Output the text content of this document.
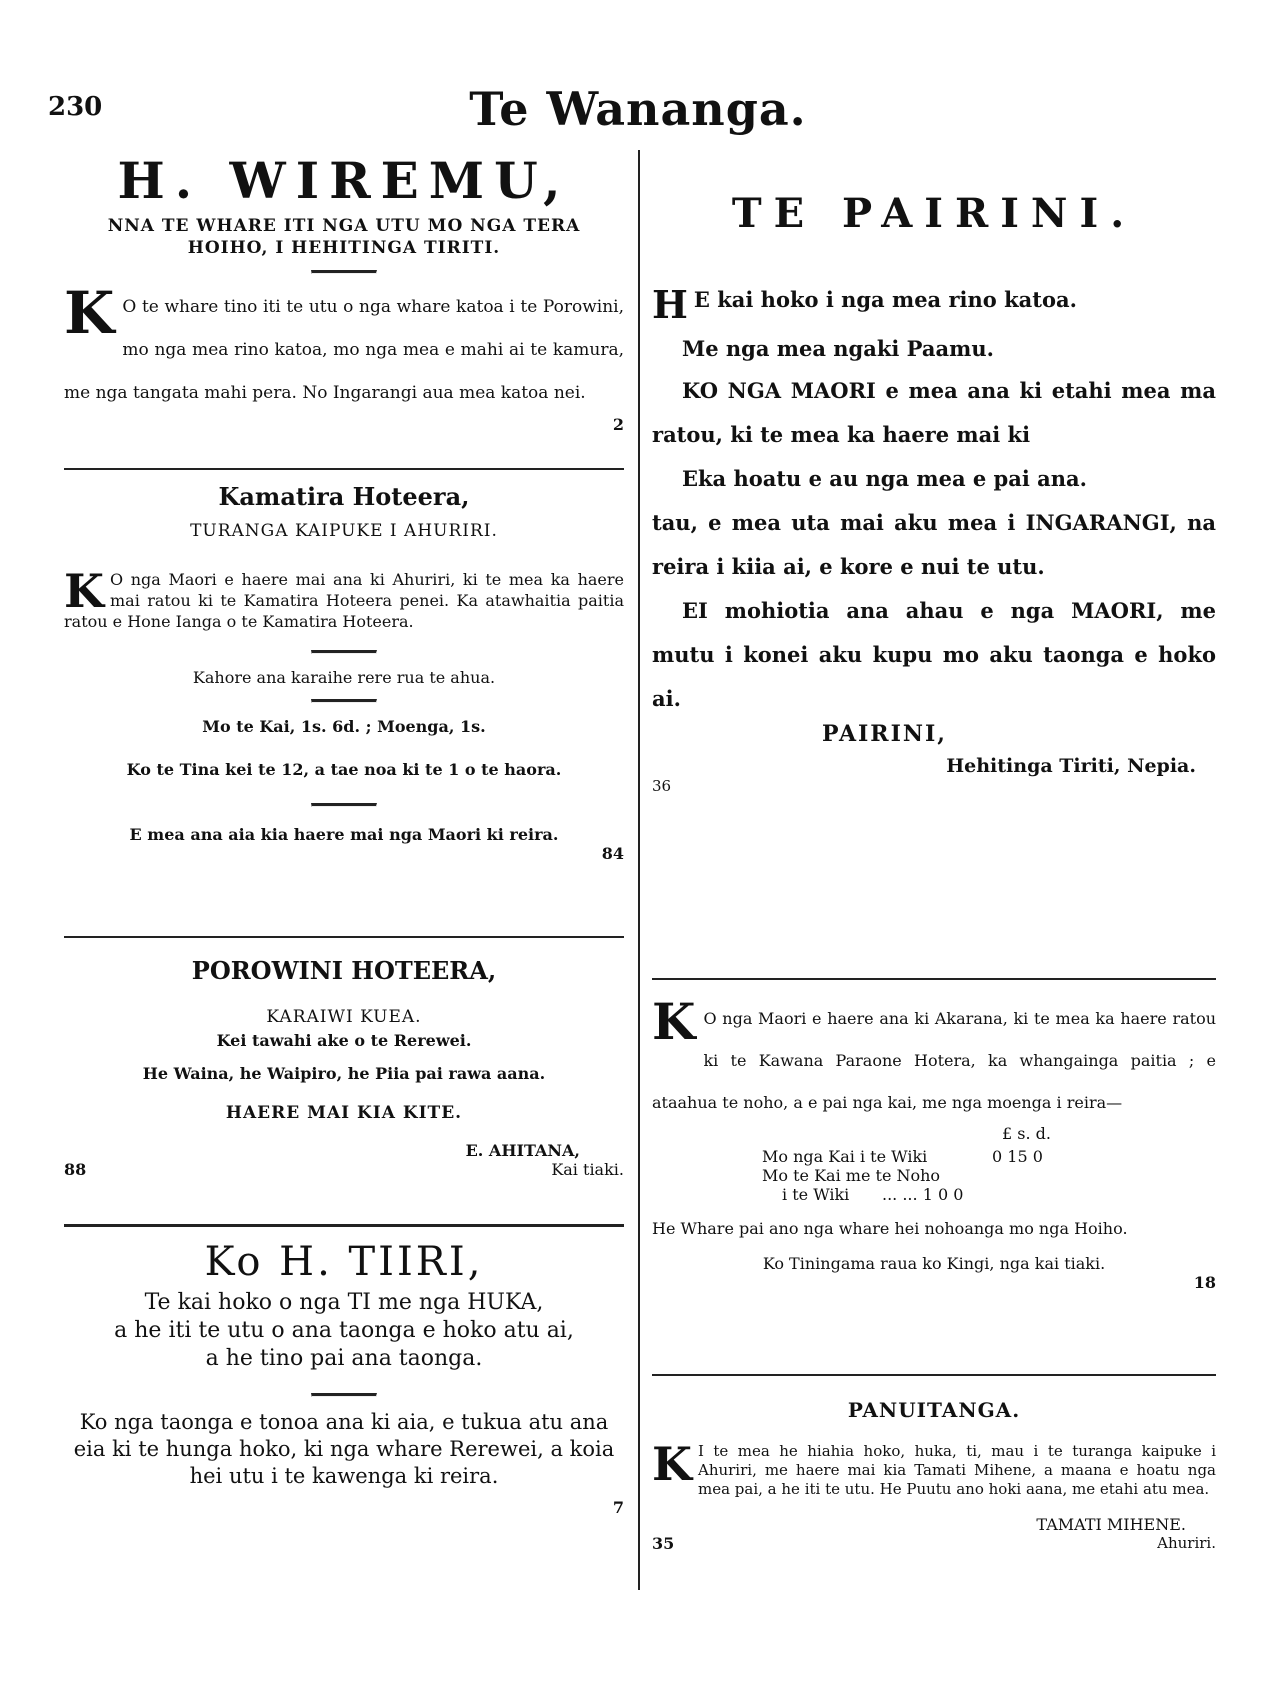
230	Te Wananga.

H. WIREMU,

NNA TE WHARE ITI NGA UTU MO NGA TERA

HOIHO, I HEHITINGA TIRITI.

K O te whare tino iti te utu o nga whare katoa i te Porowini, mo nga mea rino katoa, mo nga mea e mahi ai te kamura, me nga tangata mahi pera. No Ingarangi aua mea katoa nei.

2

Kamatira Hoteera,

TURANGA KAIPUKE I AHURIRI.

K O nga Maori e haere mai ana ki Ahuriri, ki te mea ka haere mai ratou ki te Kamatira Hoteera penei. Ka atawhaitia paitia ratou e Hone Ianga o te Kamatira Hoteera.

Kahore ana karaihe rere rua te ahua.

Mo te Kai, 1s. 6d. ; Moenga, 1s.

Ko te Tina kei te 12, a tae noa ki te 1 o te haora.

E mea ana aia kia haere mai nga Maori ki reira.

84

POROWINI HOTEERA,

KARAIWI KUEA.

Kei tawahi ake o te Rerewei.

He Waina, he Waipiro, he Piia pai rawa aana.

HAERE MAI KIA KITE.

E. AHITANA,

88	Kai tiaki.

Ko H. TIIRI,

Te kai hoko o nga TI me nga HUKA,

a he iti te utu o ana taonga e hoko atu ai,

a he tino pai ana taonga.

Ko nga taonga e tonoa ana ki aia, e tukua atu ana eia ki te hunga hoko, ki nga whare Rerewei, a koia hei utu i te kawenga ki reira.

7

TE PAIRINI.

H E kai hoko i nga mea rino katoa.

Me nga mea ngaki Paamu.

KO NGA MAORI e mea ana ki etahi mea ma ratou, ki te mea ka haere mai ki

Eka hoatu e au nga mea e pai ana.

tau, e mea uta mai aku mea i INGARANGI, na reira i kiia ai, e kore e nui te utu.

EI mohiotia ana ahau e nga MAORI, me mutu i konei aku kupu mo aku taonga e hoko ai.

PAIRINI,

Hehitinga Tiriti, Nepia.

36

K O nga Maori e haere ana ki Akarana, ki te mea ka haere ratou ki te Kawana Paraone Hotera, ka whangainga paitia ; e ataahua te noho, a e pai nga kai, me nga moenga i reira—

£ s. d.

Mo nga Kai i te Wiki	0 15 0

Mo te Kai me te Noho

i te Wiki	... ... 1 0 0

He Whare pai ano nga whare hei nohoanga mo nga Hoiho.

Ko Tiningama raua ko Kingi, nga kai tiaki.

18

PANUITANGA.

K I te mea he hiahia hoko, huka, ti, mau i te turanga kaipuke i Ahuriri, me haere mai kia Tamati Mihene, a maana e hoatu nga mea pai, a he iti te utu. He Puutu ano hoki aana, me etahi atu mea.

TAMATI MIHENE.

35	Ahuriri.
